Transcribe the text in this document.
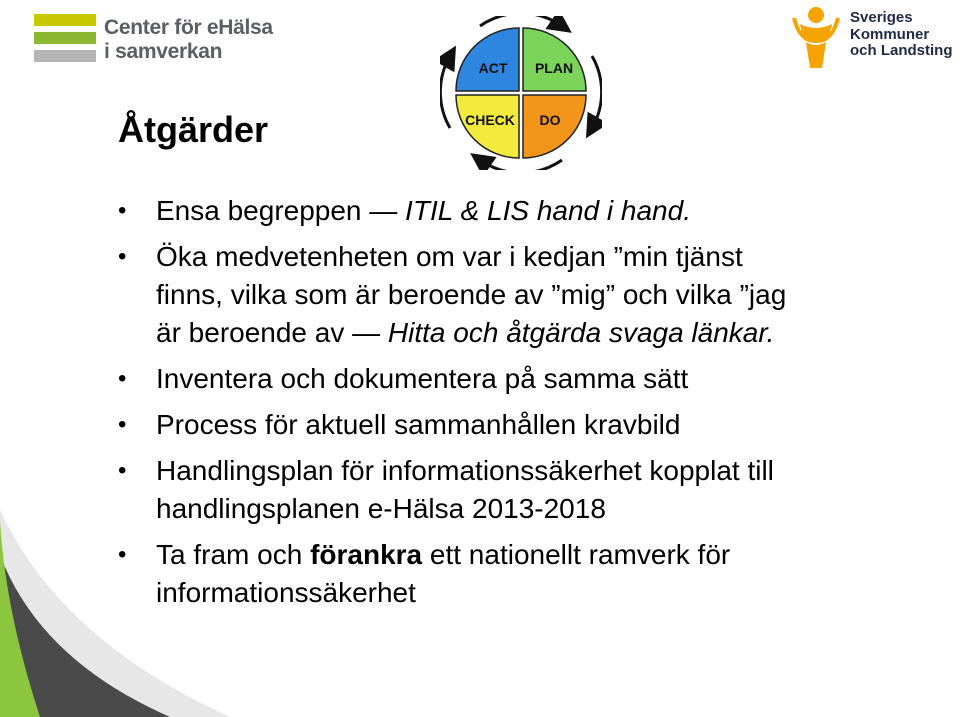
Center för eHälsa
i samverkan
ACT PLAN
CHECK DO
Sveriges
Kommuner
och Landsting
Åtgärder
• Ensa begreppen — ITIL & LIS hand i hand.
• Öka medvetenheten om var i kedjan ”min tjänst
finns, vilka som är beroende av ”mig” och vilka ”jag
är beroende av — Hitta och åtgärda svaga länkar.
• Inventera och dokumentera på samma sätt
• Process för aktuell sammanhållen kravbild
• Handlingsplan för informationssäkerhet kopplat till
handlingsplanen e-Hälsa 2013-2018
• Ta fram och förankra ett nationellt ramverk för
informationssäkerhet
